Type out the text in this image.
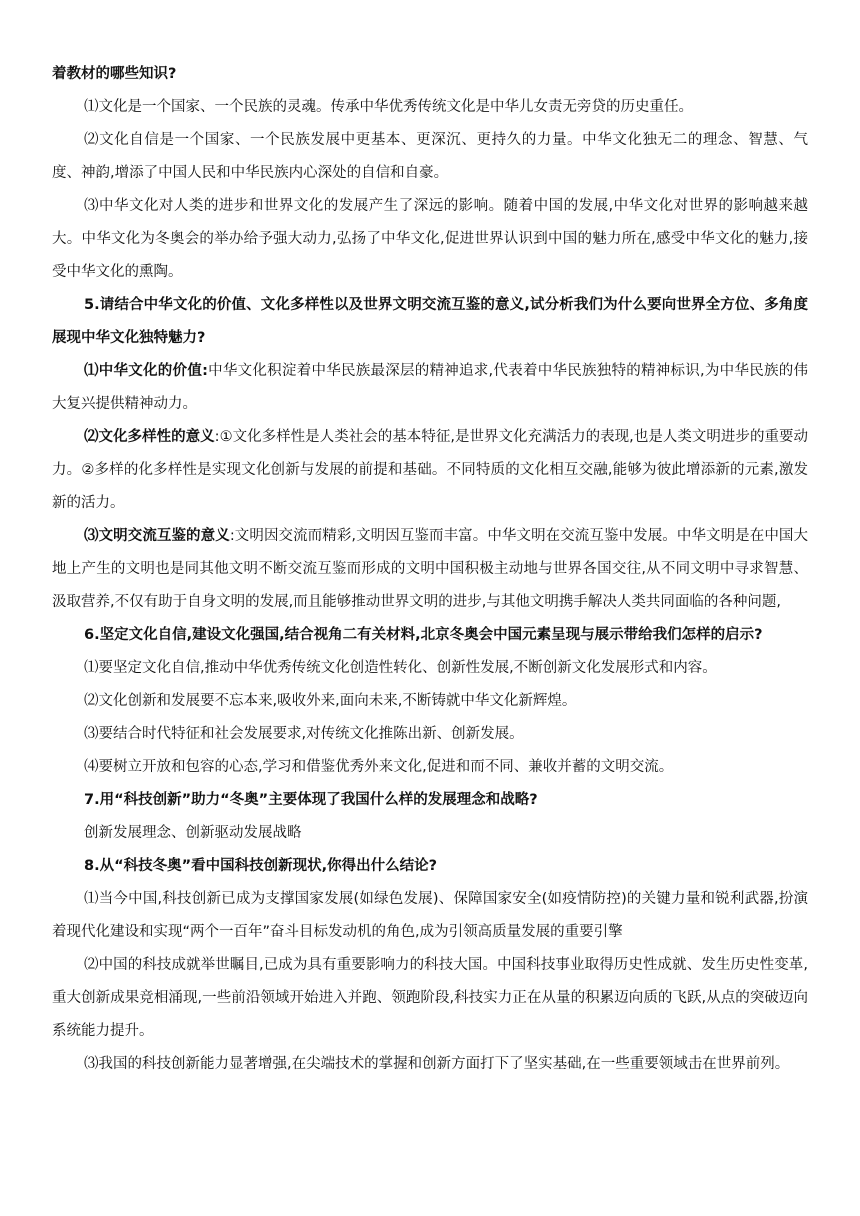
着教材的哪些知识?

⑴文化是一个国家、一个民族的灵魂。传承中华优秀传统文化是中华儿女责无旁贷的历史重任。

⑵文化自信是一个国家、一个民族发展中更基本、更深沉、更持久的力量。中华文化独无二的理念、智慧、气度、神韵,增添了中国人民和中华民族内心深处的自信和自豪。

⑶中华文化对人类的进步和世界文化的发展产生了深远的影响。随着中国的发展,中华文化对世界的影响越来越大。中华文化为冬奥会的举办给予强大动力,弘扬了中华文化,促进世界认识到中国的魅力所在,感受中华文化的魅力,接受中华文化的熏陶。

5.请结合中华文化的价值、文化多样性以及世界文明交流互鉴的意义,试分析我们为什么要向世界全方位、多角度展现中华文化独特魅力?

⑴中华文化的价值:中华文化积淀着中华民族最深层的精神追求,代表着中华民族独特的精神标识,为中华民族的伟大复兴提供精神动力。

⑵文化多样性的意义:①文化多样性是人类社会的基本特征,是世界文化充满活力的表现,也是人类文明进步的重要动力。②多样的化多样性是实现文化创新与发展的前提和基础。不同特质的文化相互交融,能够为彼此增添新的元素,激发新的活力。

⑶文明交流互鉴的意义:文明因交流而精彩,文明因互鉴而丰富。中华文明在交流互鉴中发展。中华文明是在中国大地上产生的文明也是同其他文明不断交流互鉴而形成的文明中国积极主动地与世界各国交往,从不同文明中寻求智慧、汲取营养,不仅有助于自身文明的发展,而且能够推动世界文明的进步,与其他文明携手解决人类共同面临的各种问题,

6.坚定文化自信,建设文化强国,结合视角二有关材料,北京冬奥会中国元素呈现与展示带给我们怎样的启示?

⑴要坚定文化自信,推动中华优秀传统文化创造性转化、创新性发展,不断创新文化发展形式和内容。

⑵文化创新和发展要不忘本来,吸收外来,面向未来,不断铸就中华文化新辉煌。

⑶要结合时代特征和社会发展要求,对传统文化推陈出新、创新发展。

⑷要树立开放和包容的心态,学习和借鉴优秀外来文化,促进和而不同、兼收并蓄的文明交流。

7.用“科技创新”助力“冬奥”主要体现了我国什么样的发展理念和战略?

创新发展理念、创新驱动发展战略

8.从“科技冬奥”看中国科技创新现状,你得出什么结论?

⑴当今中国,科技创新已成为支撑国家发展(如绿色发展)、保障国家安全(如疫情防控)的关键力量和锐利武器,扮演着现代化建设和实现“两个一百年”奋斗目标发动机的角色,成为引领高质量发展的重要引擎

⑵中国的科技成就举世瞩目,已成为具有重要影响力的科技大国。中国科技事业取得历史性成就、发生历史性变革,重大创新成果竞相涌现,一些前沿领域开始进入并跑、领跑阶段,科技实力正在从量的积累迈向质的飞跃,从点的突破迈向系统能力提升。

⑶我国的科技创新能力显著增强,在尖端技术的掌握和创新方面打下了坚实基础,在一些重要领域击在世界前列。
